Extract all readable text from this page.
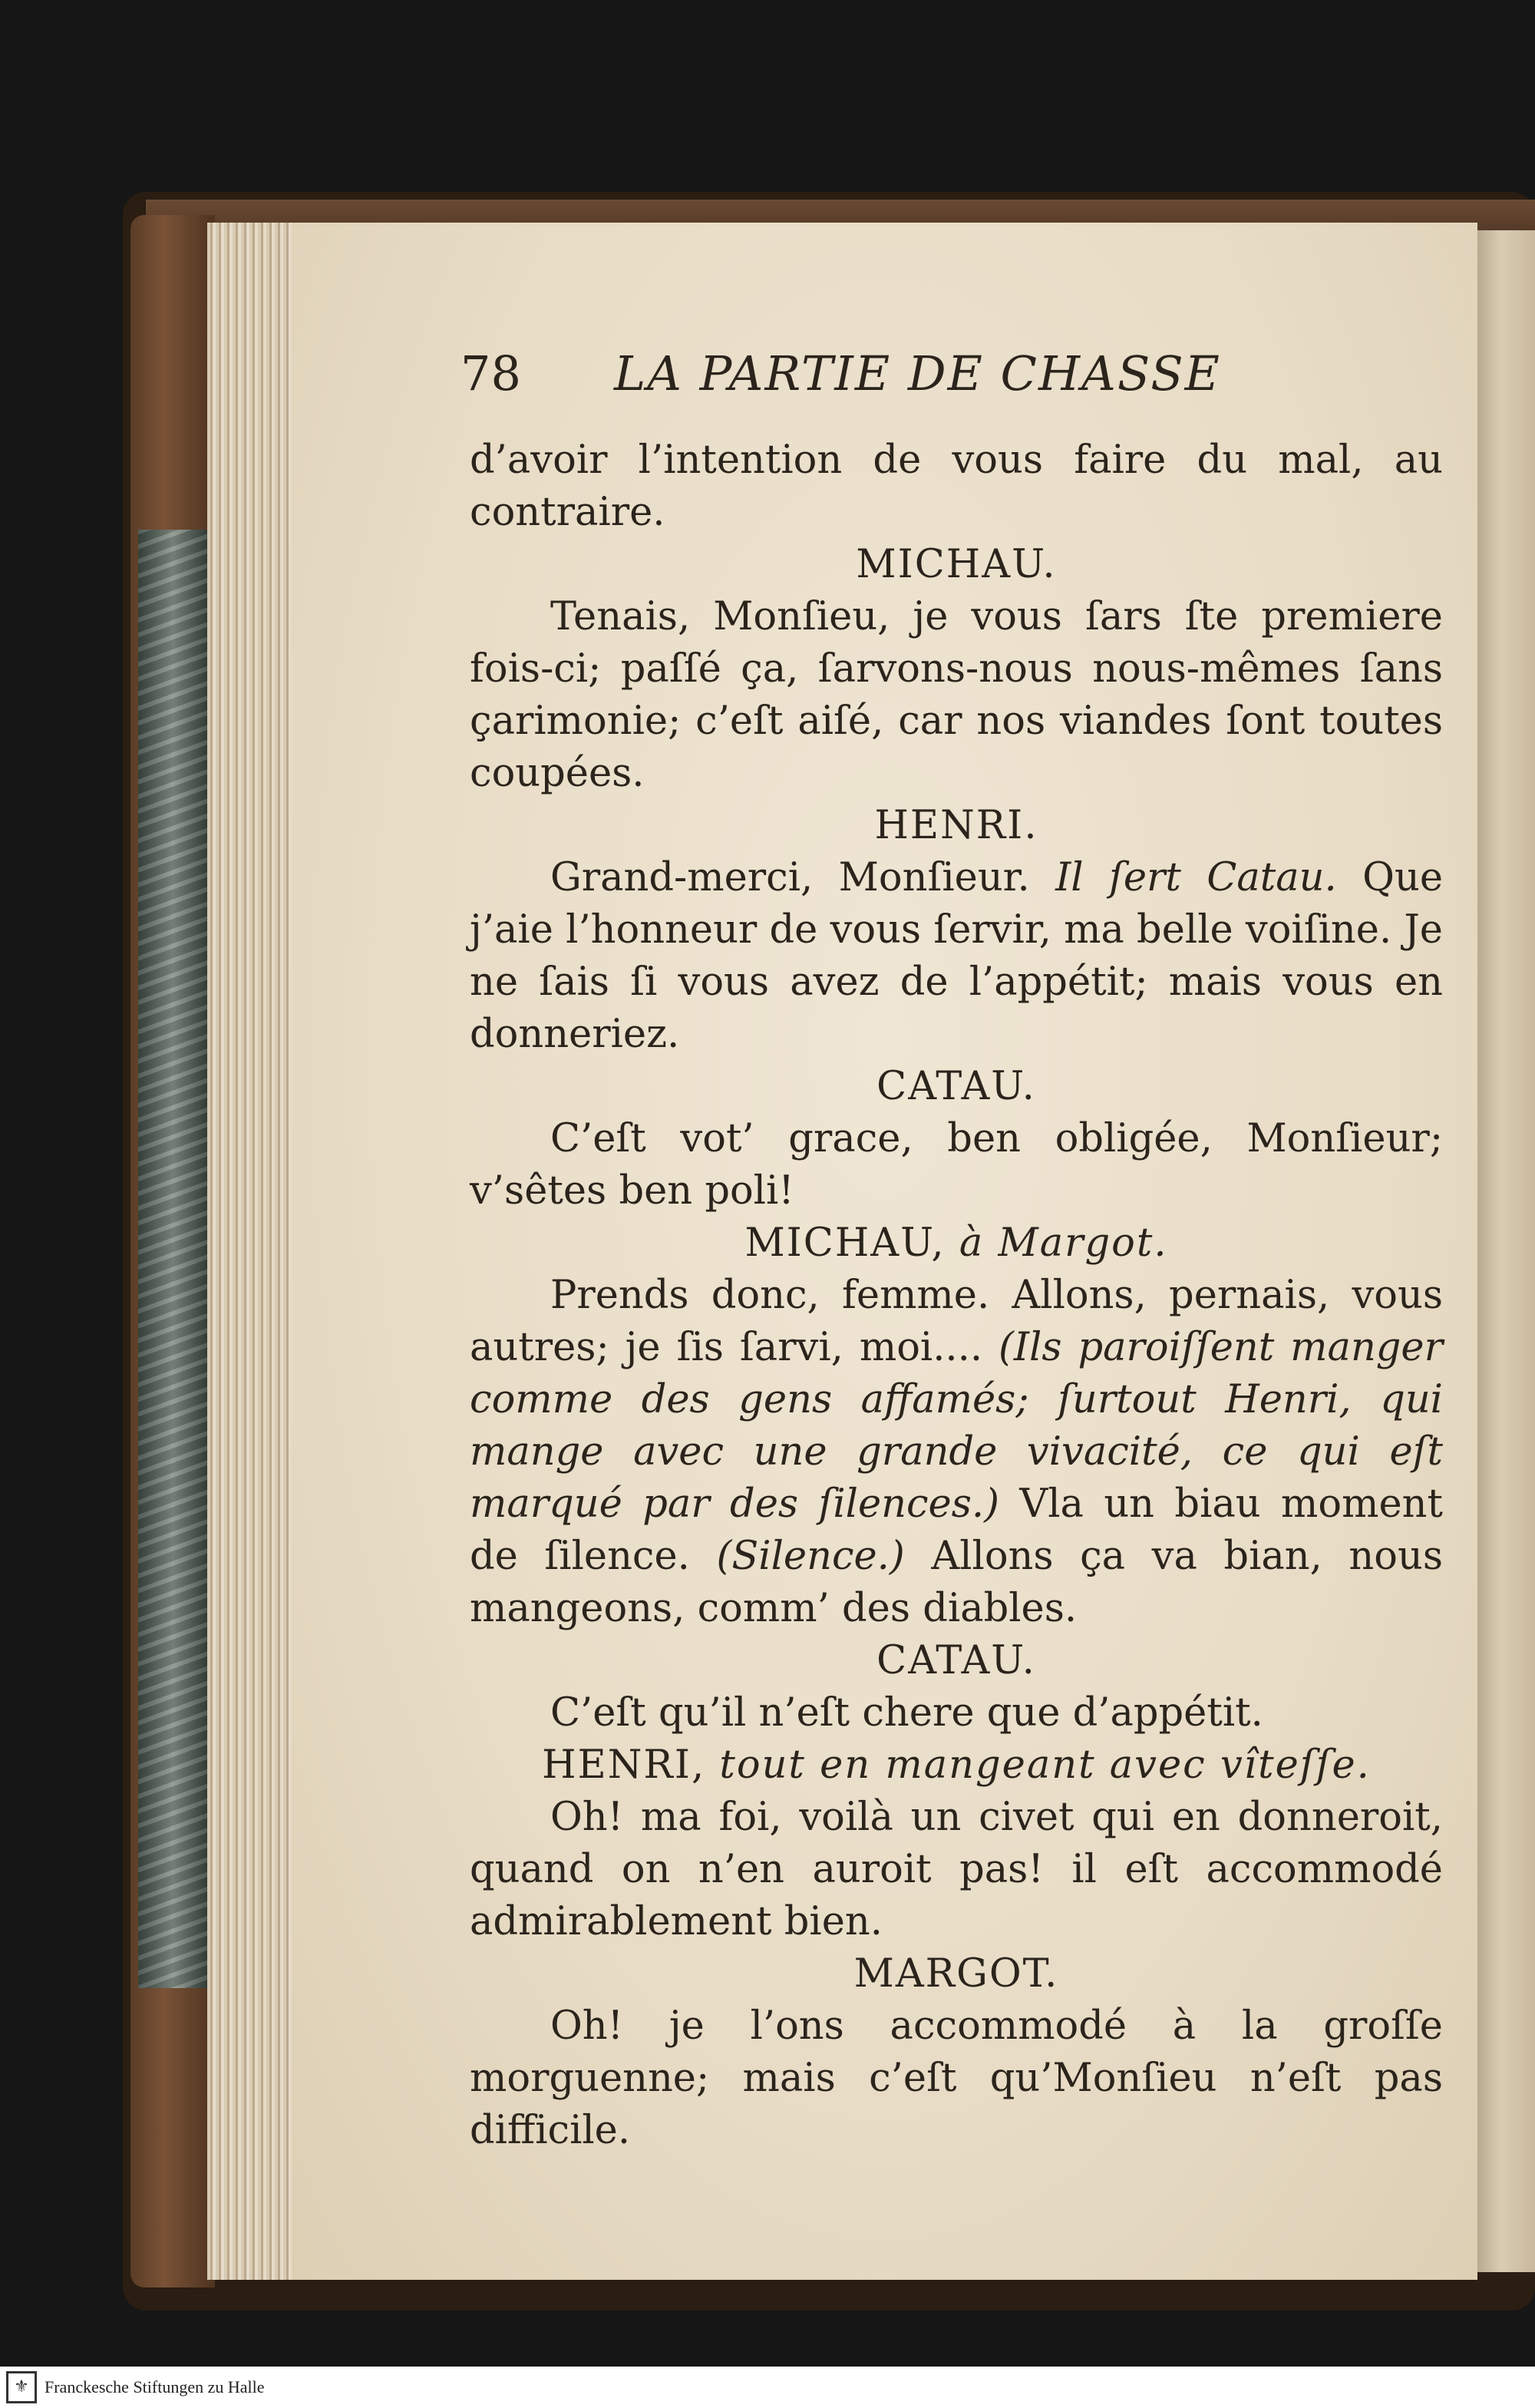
78 LA PARTIE DE CHASSE

d’avoir l’intention de vous faire du mal, au contraire.

MICHAU.

Tenais, Monſieu, je vous ſars ſte premiere fois-ci; paſſé ça, ſarvons-nous nous-mêmes ſans çarimonie; c’eſt aiſé, car nos viandes ſont toutes coupées.

HENRI.

Grand-merci, Monſieur. Il ſert Catau. Que j’aie l’honneur de vous ſervir, ma belle voiſine. Je ne ſais ſi vous avez de l’appétit; mais vous en donneriez.

CATAU.

C’eſt vot’ grace, ben obligée, Monſieur; v’sêtes ben poli!

MICHAU, à Margot.

Prends donc, femme. Allons, pernais, vous autres; je ſis ſarvi, moi.... (Ils paroiſſent manger comme des gens affamés; ſurtout Henri, qui mange avec une grande vivacité, ce qui eſt marqué par des ſilences.) Vla un biau moment de ſilence. (Silence.) Allons ça va bian, nous mangeons, comm’ des diables.

CATAU.

C’eſt qu’il n’eſt chere que d’appétit.

HENRI, tout en mangeant avec vîteſſe.

Oh! ma foi, voilà un civet qui en donneroit, quand on n’en auroit pas! il eſt accommodé admirablement bien.

MARGOT.

Oh! je l’ons accommodé à la groſſe morguenne; mais c’eſt qu’Monſieu n’eſt pas difficile.

⚜ Franckesche Stiftungen zu Halle
